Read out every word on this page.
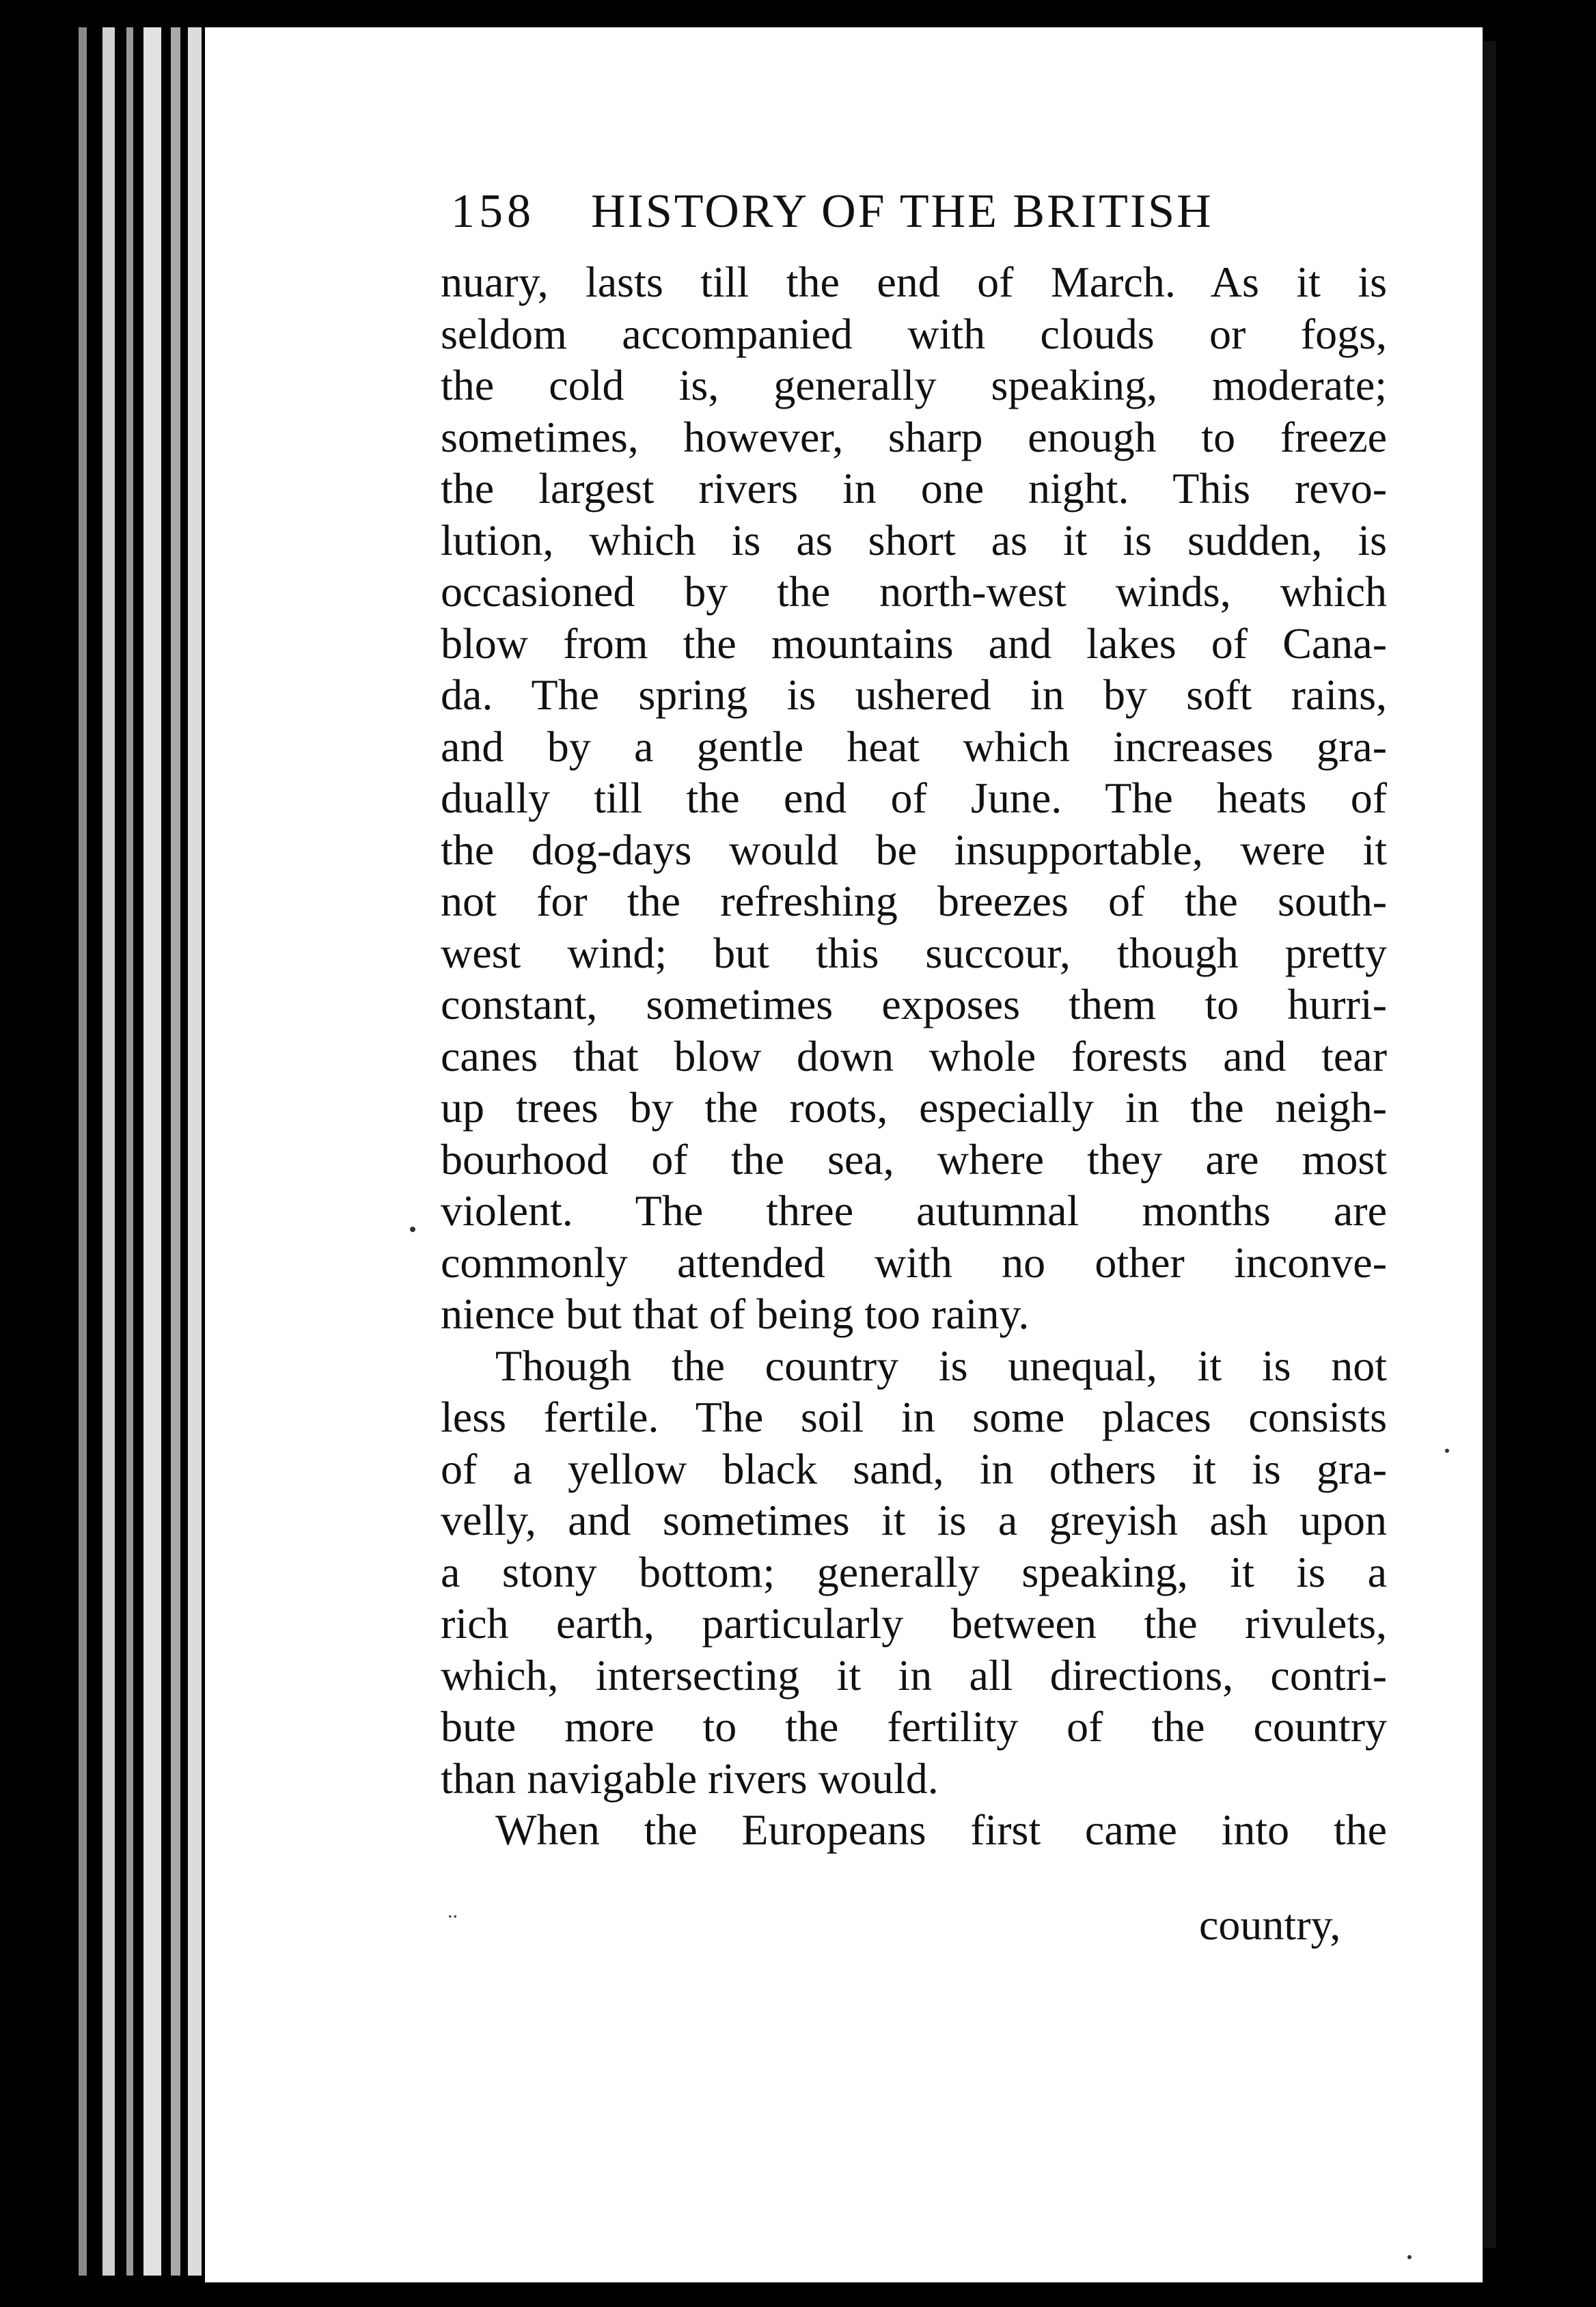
158 HISTORY OF THE BRITISH
nuary, lasts till the end of March. As it is
seldom accompanied with clouds or fogs,
the cold is, generally speaking, moderate;
sometimes, however, sharp enough to freeze
the largest rivers in one night. This revo-
lution, which is as short as it is sudden, is
occasioned by the north-west winds, which
blow from the mountains and lakes of Cana-
da. The spring is ushered in by soft rains,
and by a gentle heat which increases gra-
dually till the end of June. The heats of
the dog-days would be insupportable, were it
not for the refreshing breezes of the south-
west wind; but this succour, though pretty
constant, sometimes exposes them to hurri-
canes that blow down whole forests and tear
up trees by the roots, especially in the neigh-
bourhood of the sea, where they are most
violent. The three autumnal months are
commonly attended with no other inconve-
nience but that of being too rainy.
Though the country is unequal, it is not
less fertile. The soil in some places consists
of a yellow black sand, in others it is gra-
velly, and sometimes it is a greyish ash upon
a stony bottom; generally speaking, it is a
rich earth, particularly between the rivulets,
which, intersecting it in all directions, contri-
bute more to the fertility of the country
than navigable rivers would.
When the Europeans first came into the
..	country,
